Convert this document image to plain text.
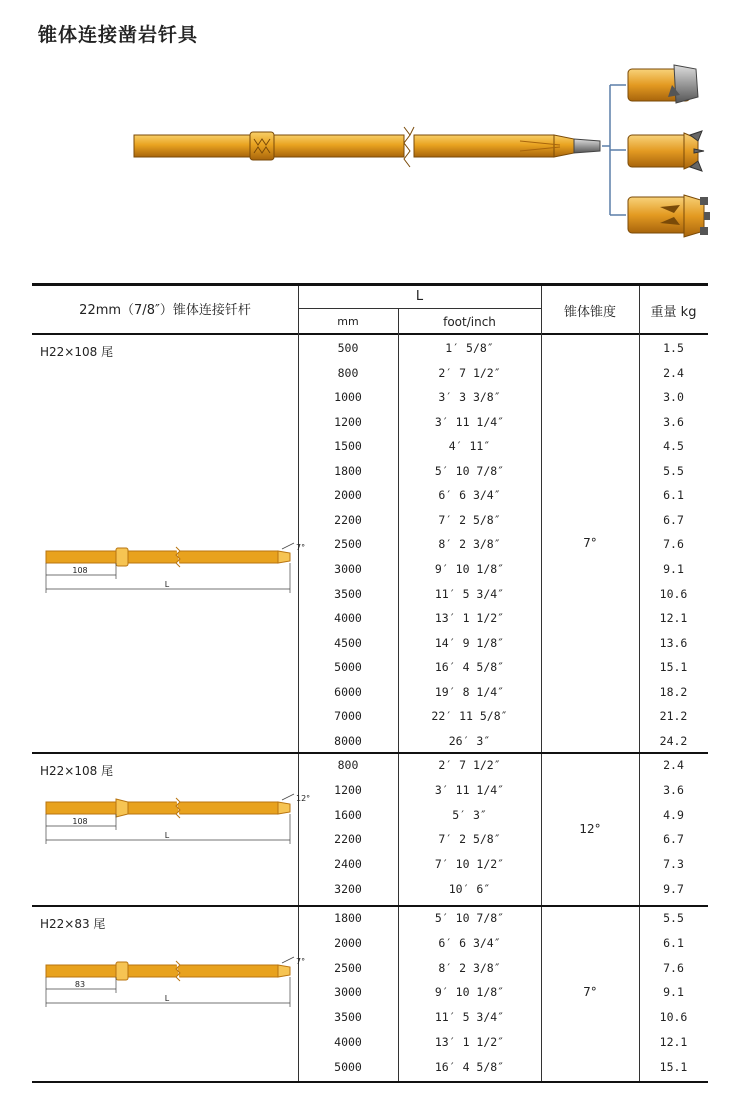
锥体连接凿岩钎具
22mm（7/8″）锥体连接钎杆
L
mm	foot/inch
锥体锥度	重量 kg
H22×108 尾
7°
500	1′ 5/8″	1.5
800	2′ 7 1/2″	2.4
1000	3′ 3 3/8″	3.0
1200	3′ 11 1/4″	3.6
1500	4′ 11″	4.5
1800	5′ 10 7/8″	5.5
2000	6′ 6 3/4″	6.1
2200	7′ 2 5/8″	6.7
2500	8′ 2 3/8″	7.6
3000	9′ 10 1/8″	9.1
3500	11′ 5 3/4″	10.6
4000	13′ 1 1/2″	12.1
4500	14′ 9 1/8″	13.6
5000	16′ 4 5/8″	15.1
6000	19′ 8 1/4″	18.2
7000	22′ 11 5/8″	21.2
8000	26′ 3″	24.2
108
L
7°
H22×108 尾
12°
800	2′ 7 1/2″	2.4
1200	3′ 11 1/4″	3.6
1600	5′ 3″	4.9
2200	7′ 2 5/8″	6.7
2400	7′ 10 1/2″	7.3
3200	10′ 6″	9.7
108
L
12°
H22×83 尾
7°
1800	5′ 10 7/8″	5.5
2000	6′ 6 3/4″	6.1
2500	8′ 2 3/8″	7.6
3000	9′ 10 1/8″	9.1
3500	11′ 5 3/4″	10.6
4000	13′ 1 1/2″	12.1
5000	16′ 4 5/8″	15.1
83
L
7°
